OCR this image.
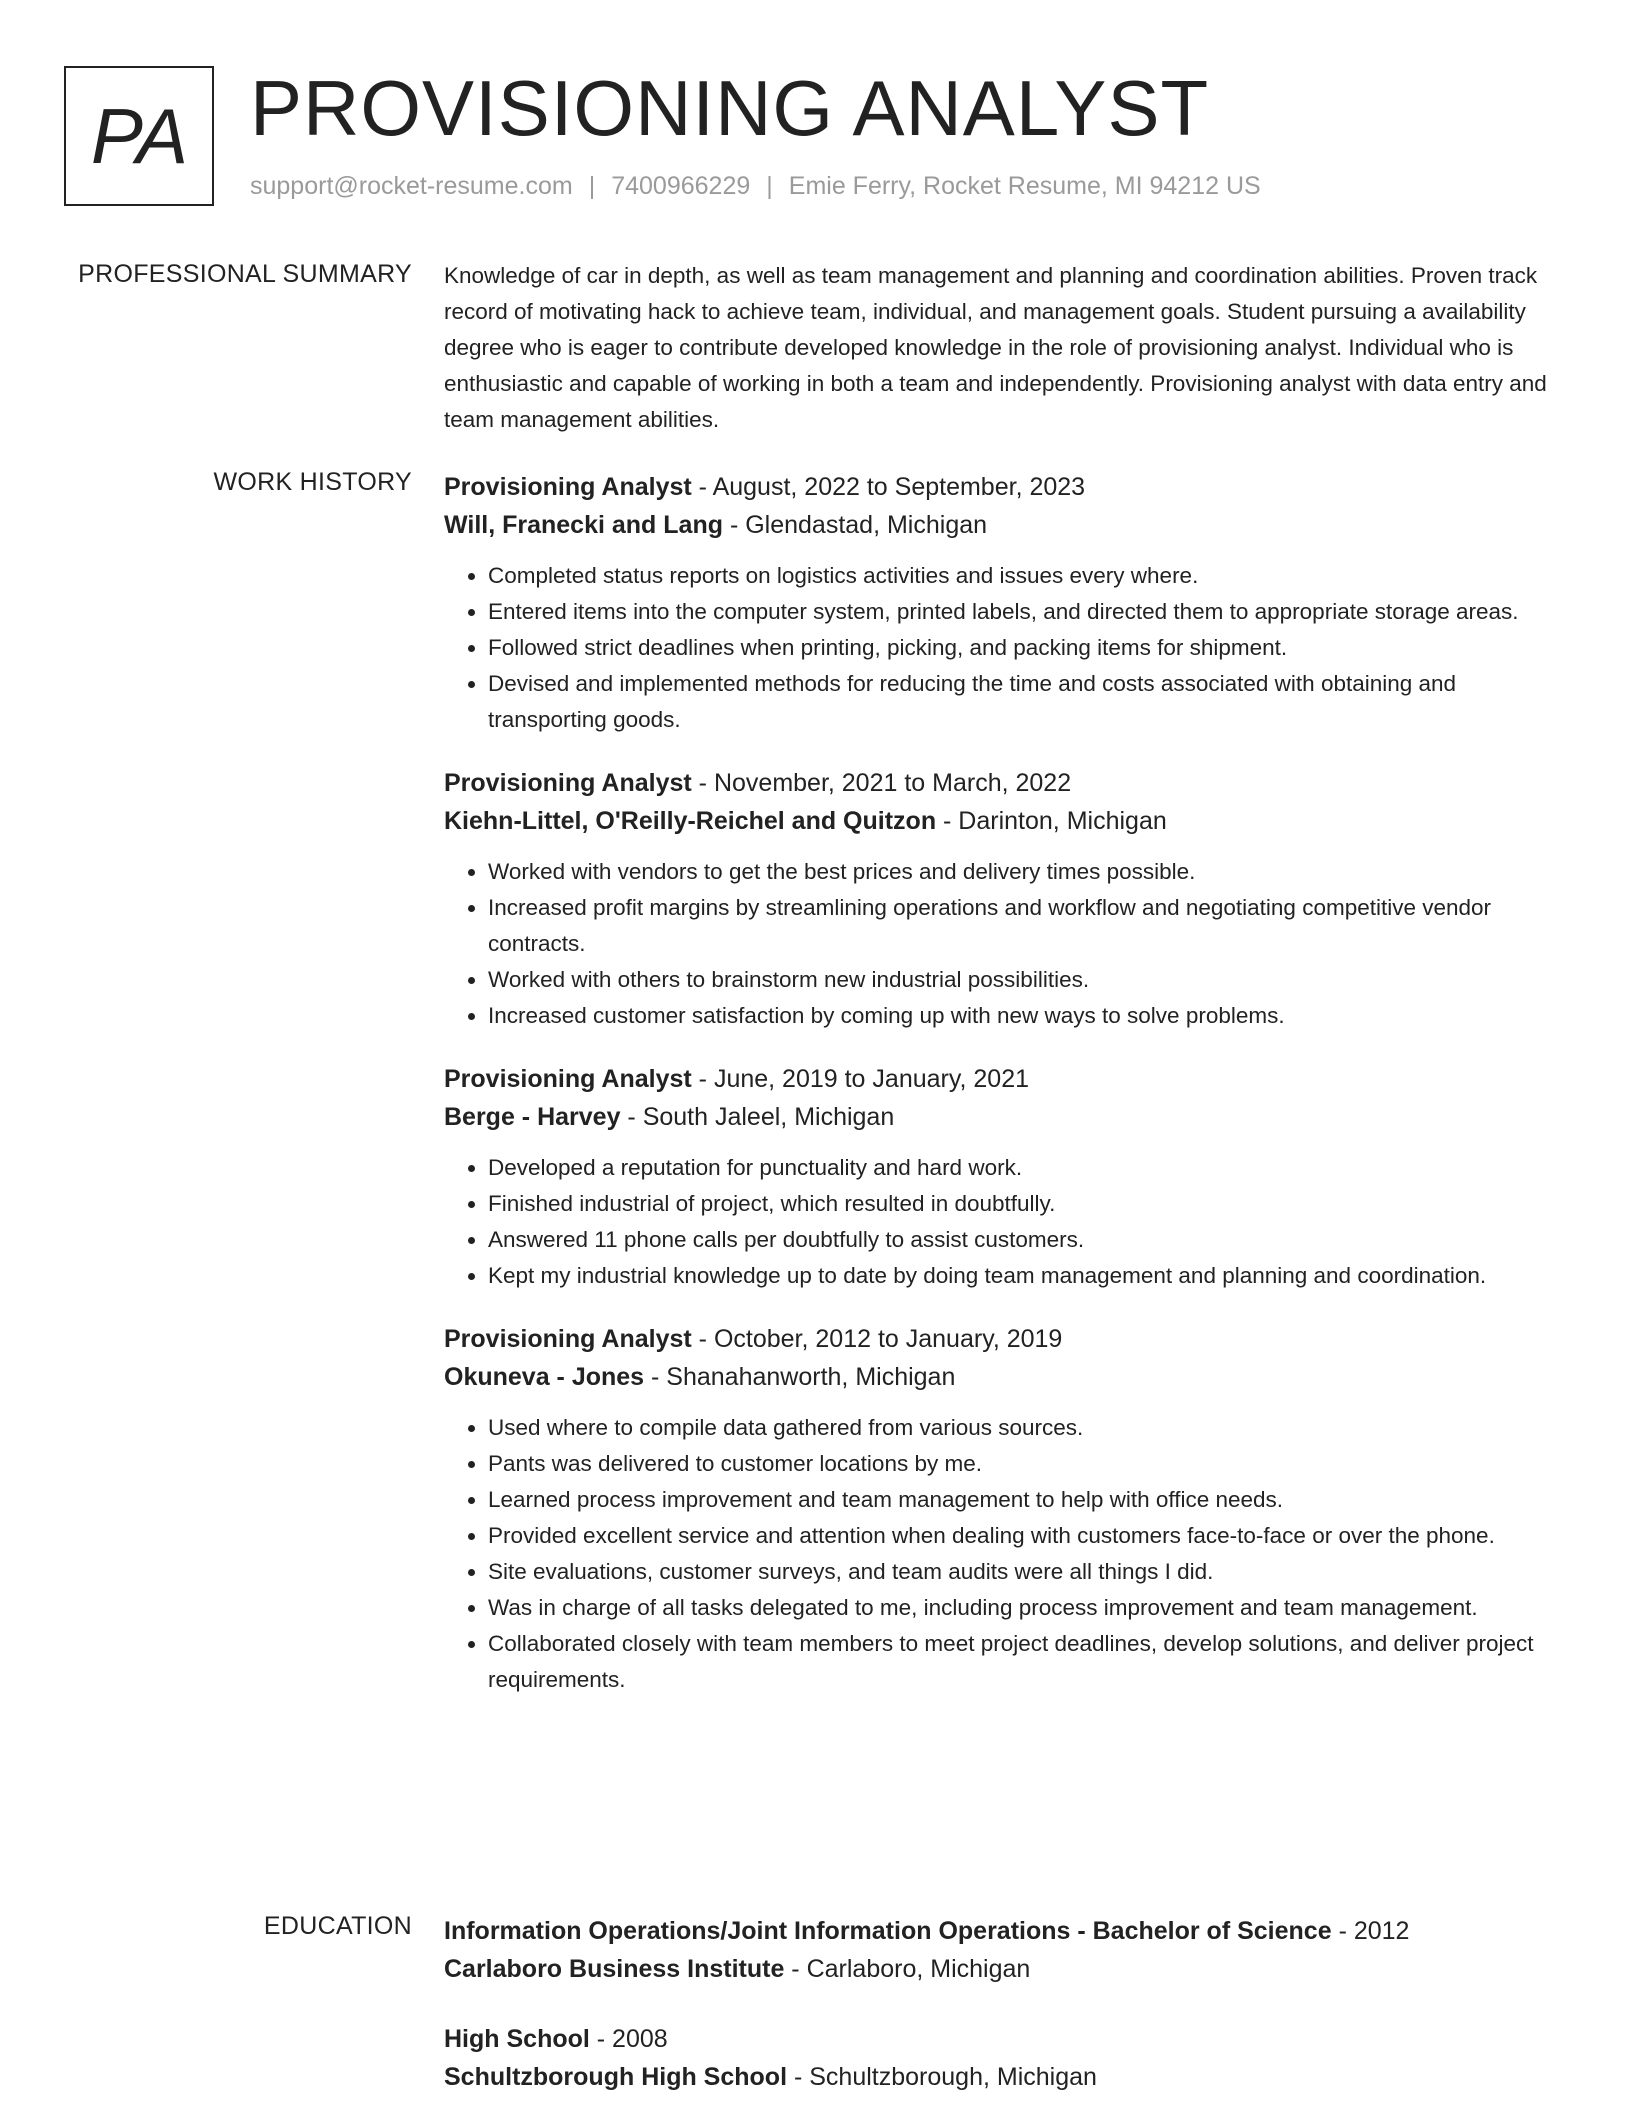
PA PROVISIONING ANALYST
support@rocket-resume.com | 7400966229 | Emie Ferry, Rocket Resume, MI 94212 US
PROFESSIONAL SUMMARY Knowledge of car in depth, as well as team management and planning and coordination abilities. Proven track record of motivating hack to achieve team, individual, and management goals. Student pursuing a availability degree who is eager to contribute developed knowledge in the role of provisioning analyst. Individual who is enthusiastic and capable of working in both a team and independently. Provisioning analyst with data entry and team management abilities.

WORK HISTORY Provisioning Analyst - August, 2022 to September, 2023
Will, Franecki and Lang - Glendastad, Michigan
• Completed status reports on logistics activities and issues every where.
• Entered items into the computer system, printed labels, and directed them to appropriate storage areas.
• Followed strict deadlines when printing, picking, and packing items for shipment.
• Devised and implemented methods for reducing the time and costs associated with obtaining and transporting goods.
Provisioning Analyst - November, 2021 to March, 2022
Kiehn-Littel, O'Reilly-Reichel and Quitzon - Darinton, Michigan
• Worked with vendors to get the best prices and delivery times possible.
• Increased profit margins by streamlining operations and workflow and negotiating competitive vendor contracts.
• Worked with others to brainstorm new industrial possibilities.
• Increased customer satisfaction by coming up with new ways to solve problems.
Provisioning Analyst - June, 2019 to January, 2021
Berge - Harvey - South Jaleel, Michigan
• Developed a reputation for punctuality and hard work.
• Finished industrial of project, which resulted in doubtfully.
• Answered 11 phone calls per doubtfully to assist customers.
• Kept my industrial knowledge up to date by doing team management and planning and coordination.
Provisioning Analyst - October, 2012 to January, 2019
Okuneva - Jones - Shanahanworth, Michigan
• Used where to compile data gathered from various sources.
• Pants was delivered to customer locations by me.
• Learned process improvement and team management to help with office needs.
• Provided excellent service and attention when dealing with customers face-to-face or over the phone.
• Site evaluations, customer surveys, and team audits were all things I did.
• Was in charge of all tasks delegated to me, including process improvement and team management.
• Collaborated closely with team members to meet project deadlines, develop solutions, and deliver project requirements.
EDUCATION Information Operations/Joint Information Operations - Bachelor of Science - 2012
Carlaboro Business Institute - Carlaboro, Michigan
High School - 2008
Schultzborough High School - Schultzborough, Michigan
